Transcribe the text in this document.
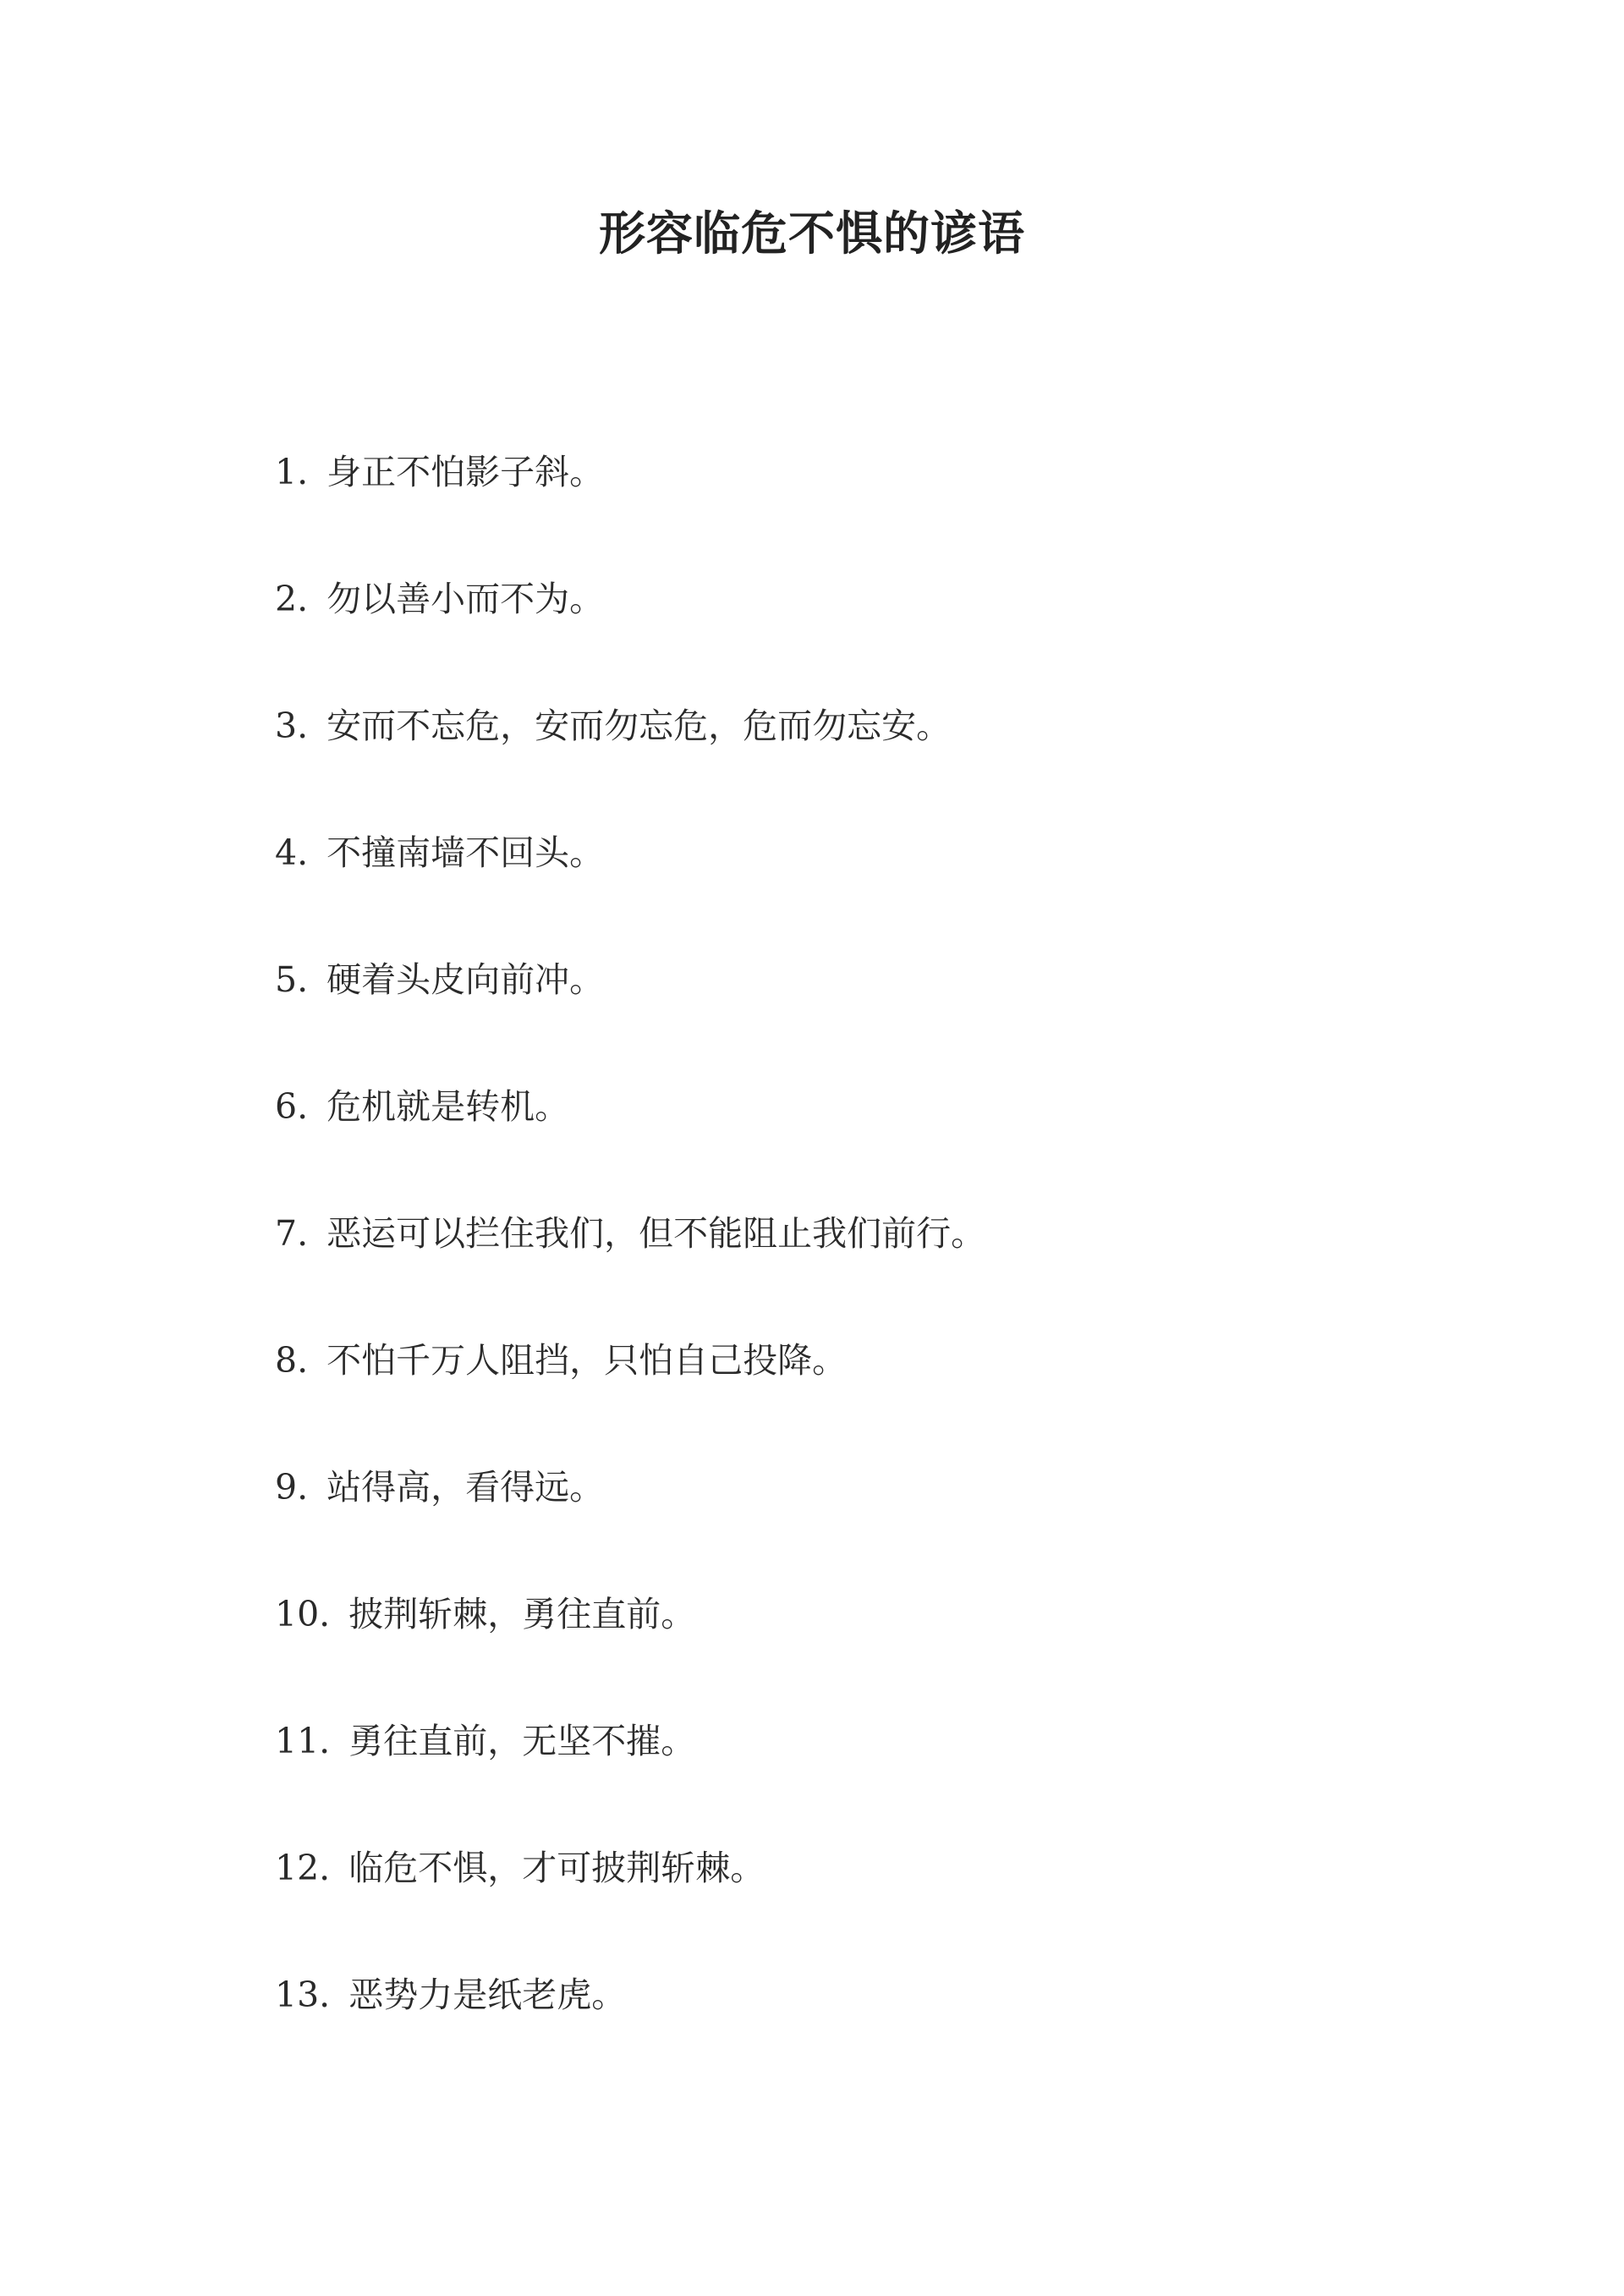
形容临危不惧的谚语
1. 身正不怕影子斜。
2. 勿以善小而不为。
3. 安而不忘危，安而勿忘危，危而勿忘安。
4. 不撞南墙不回头。
5. 硬着头皮向前冲。
6. 危机就是转机。
7. 恶运可以拦住我们，但不能阻止我们前行。
8. 不怕千万人阻挡，只怕自己投降。
9. 站得高，看得远。
10. 披荆斩棘，勇往直前。
11. 勇往直前，无坚不摧。
12. 临危不惧，才可披荆斩棘。
13. 恶势力是纸老虎。
